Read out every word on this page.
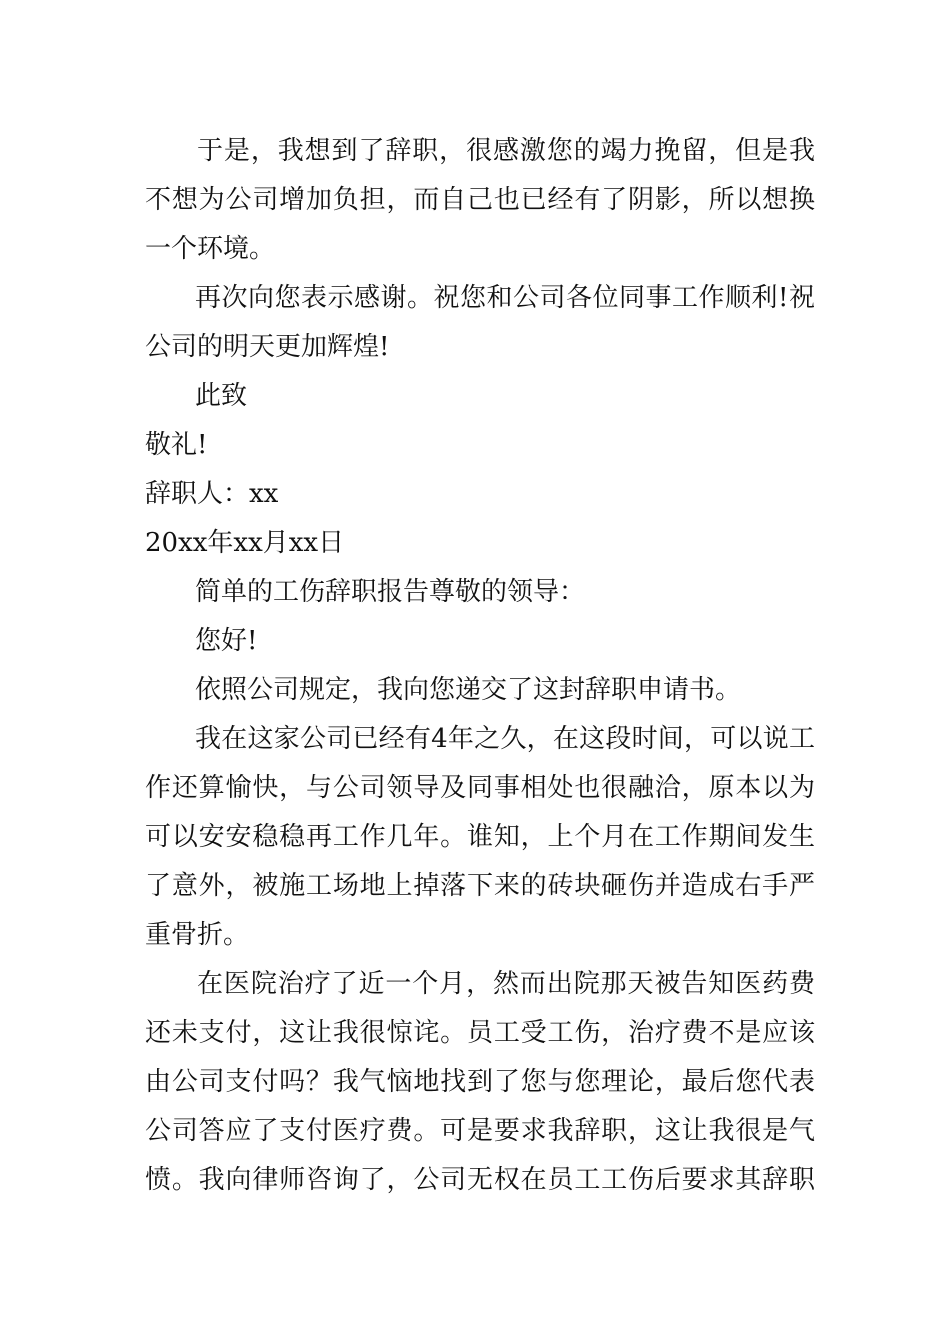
于是，我想到了辞职，很感激您的竭力挽留，但是我
不想为公司增加负担，而自己也已经有了阴影，所以想换
一个环境。
再次向您表示感谢。祝您和公司各位同事工作顺利!祝
公司的明天更加辉煌!
此致
敬礼!
辞职人：xx
20xx年xx月xx日
简单的工伤辞职报告尊敬的领导：
您好!
依照公司规定，我向您递交了这封辞职申请书。
我在这家公司已经有4年之久，在这段时间，可以说工
作还算愉快，与公司领导及同事相处也很融洽，原本以为
可以安安稳稳再工作几年。谁知，上个月在工作期间发生
了意外，被施工场地上掉落下来的砖块砸伤并造成右手严
重骨折。
在医院治疗了近一个月，然而出院那天被告知医药费
还未支付，这让我很惊诧。员工受工伤，治疗费不是应该
由公司支付吗？我气恼地找到了您与您理论，最后您代表
公司答应了支付医疗费。可是要求我辞职，这让我很是气
愤。我向律师咨询了，公司无权在员工工伤后要求其辞职
